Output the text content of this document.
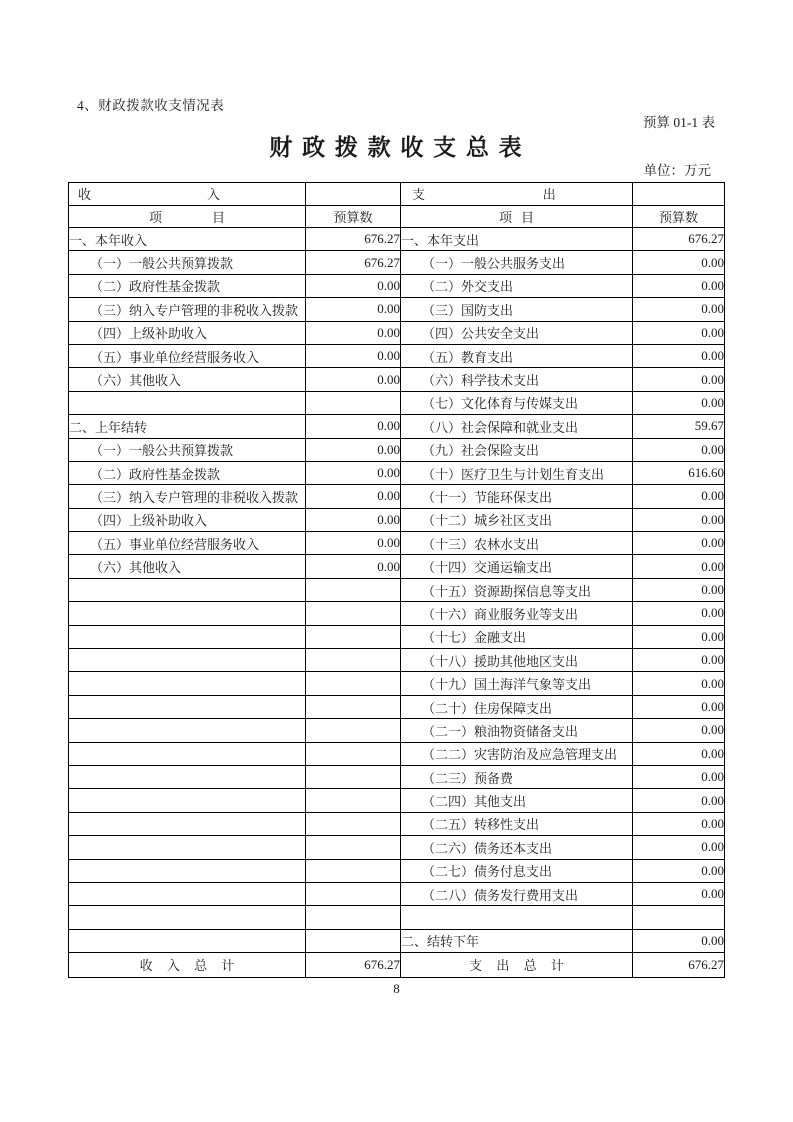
4、财政拨款收支情况表
预算 01-1 表
财 政 拨 款 收 支 总 表
单位：万元
收 入		支 出	

项 目	预算数	项 目	预算数
一、本年收入	676.27	一、本年支出	676.27
（一）一般公共预算拨款	676.27	（一）一般公共服务支出	0.00
（二）政府性基金拨款	0.00	（二）外交支出	0.00
（三）纳入专户管理的非税收入拨款	0.00	（三）国防支出	0.00
（四）上级补助收入	0.00	（四）公共安全支出	0.00
（五）事业单位经营服务收入	0.00	（五）教育支出	0.00
（六）其他收入	0.00	（六）科学技术支出	0.00
		（七）文化体育与传媒支出	0.00
二、上年结转	0.00	（八）社会保障和就业支出	59.67
（一）一般公共预算拨款	0.00	（九）社会保险支出	0.00
（二）政府性基金拨款	0.00	（十）医疗卫生与计划生育支出	616.60
（三）纳入专户管理的非税收入拨款	0.00	（十一）节能环保支出	0.00
（四）上级补助收入	0.00	（十二）城乡社区支出	0.00
（五）事业单位经营服务收入	0.00	（十三）农林水支出	0.00
（六）其他收入	0.00	（十四）交通运输支出	0.00
		（十五）资源勘探信息等支出	0.00
		（十六）商业服务业等支出	0.00
		（十七）金融支出	0.00
		（十八）援助其他地区支出	0.00
		（十九）国土海洋气象等支出	0.00
		（二十）住房保障支出	0.00
		（二一）粮油物资储备支出	0.00
		（二二）灾害防治及应急管理支出	0.00
		（二三）预备费	0.00
		（二四）其他支出	0.00
		（二五）转移性支出	0.00
		（二六）债务还本支出	0.00
		（二七）债务付息支出	0.00
		（二八）债务发行费用支出	0.00

		二、结转下年	0.00
收 入 总 计	676.27	支 出 总 计	676.27
8
